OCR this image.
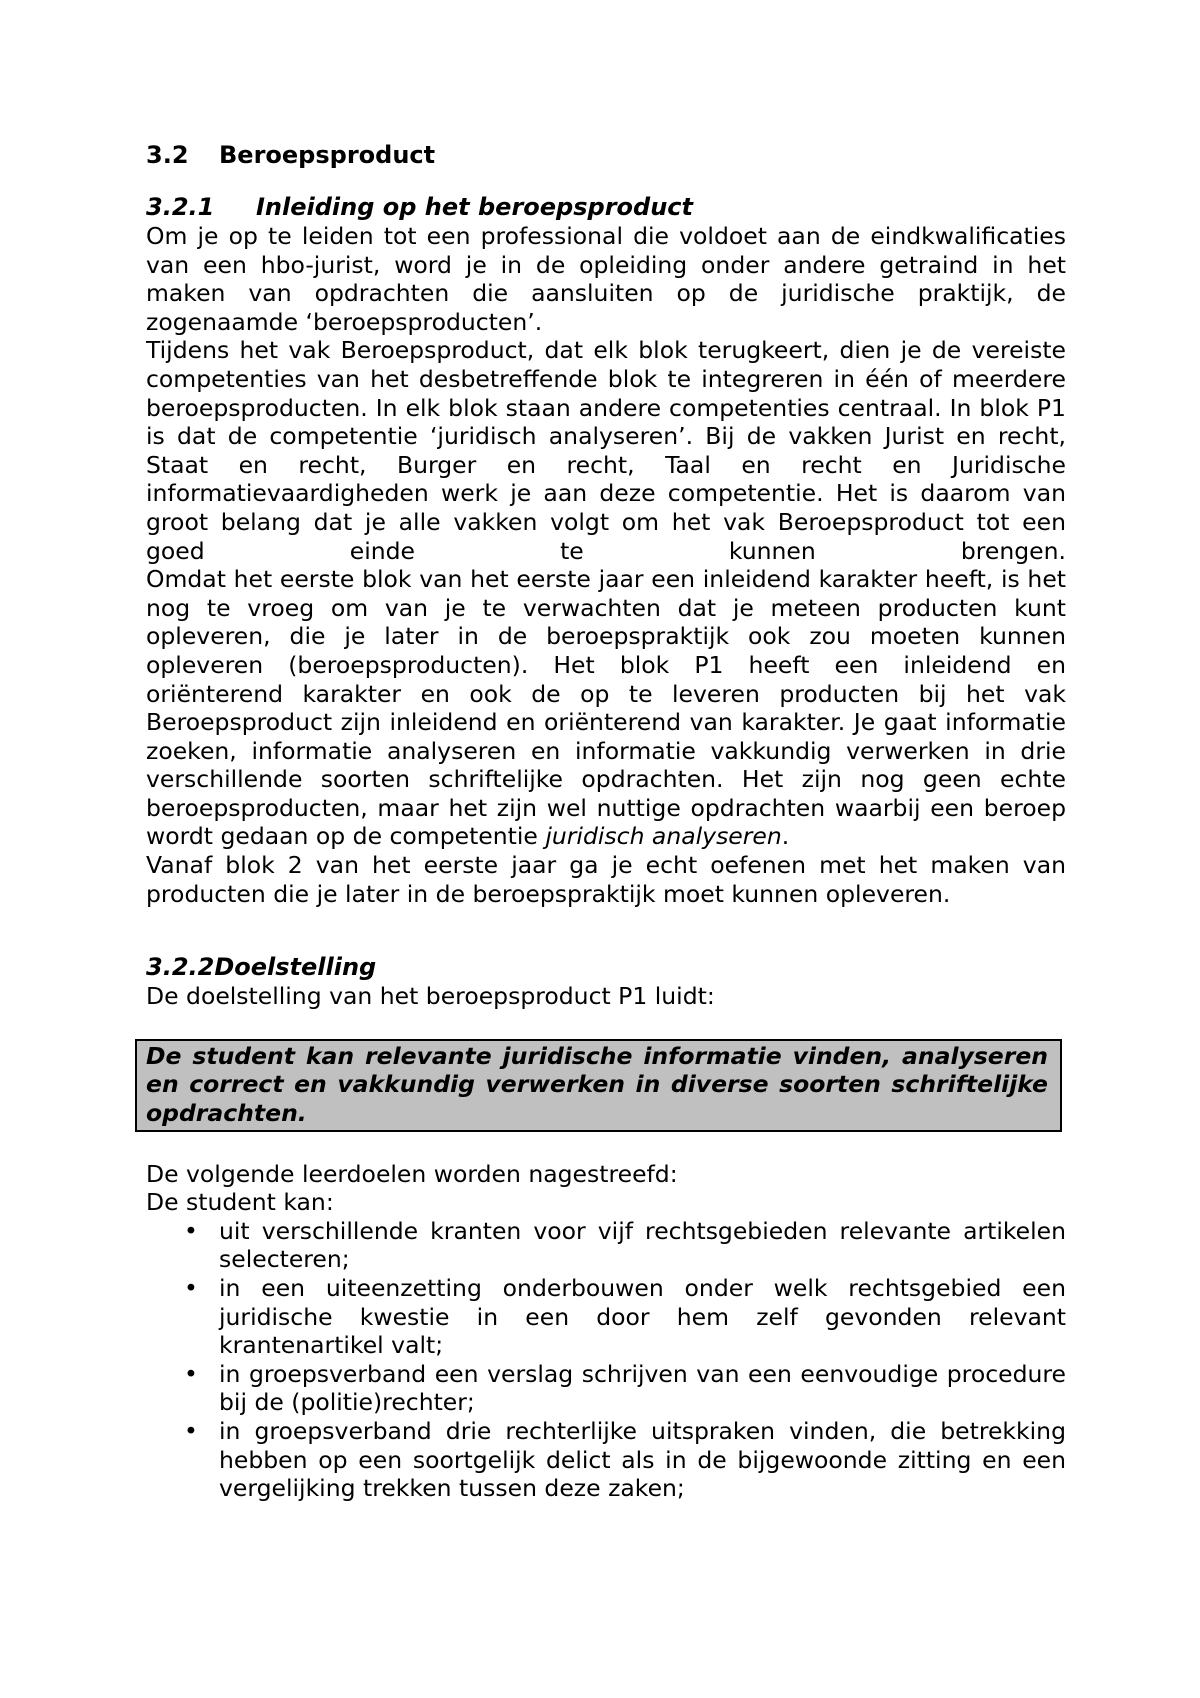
3.2	Beroepsproduct
3.2.1	Inleiding op het beroepsproduct

Om je op te leiden tot een professional die voldoet aan de eindkwalificaties van een hbo-jurist, word je in de opleiding onder andere getraind in het maken van opdrachten die aansluiten op de juridische praktijk, de zogenaamde ‘beroepsproducten’.

Tijdens het vak Beroepsproduct, dat elk blok terugkeert, dien je de vereiste competenties van het desbetreffende blok te integreren in één of meerdere beroepsproducten. In elk blok staan andere competenties centraal. In blok P1 is dat de competentie ‘juridisch analyseren’. Bij de vakken Jurist en recht, Staat en recht, Burger en recht, Taal en recht en Juridische informatievaardigheden werk je aan deze competentie. Het is daarom van groot belang dat je alle vakken volgt om het vak Beroepsproduct tot een goed einde te kunnen brengen.

Omdat het eerste blok van het eerste jaar een inleidend karakter heeft, is het nog te vroeg om van je te verwachten dat je meteen producten kunt opleveren, die je later in de beroepspraktijk ook zou moeten kunnen opleveren (beroepsproducten). Het blok P1 heeft een inleidend en oriënterend karakter en ook de op te leveren producten bij het vak Beroepsproduct zijn inleidend en oriënterend van karakter. Je gaat informatie zoeken, informatie analyseren en informatie vakkundig verwerken in drie verschillende soorten schriftelijke opdrachten. Het zijn nog geen echte beroepsproducten, maar het zijn wel nuttige opdrachten waarbij een beroep wordt gedaan op de competentie juridisch analyseren.

Vanaf blok 2 van het eerste jaar ga je echt oefenen met het maken van producten die je later in de beroepspraktijk moet kunnen opleveren.

3.2.2 Doelstelling

De doelstelling van het beroepsproduct P1 luidt:

De student kan relevante juridische informatie vinden, analyseren en correct en vakkundig verwerken in diverse soorten schriftelijke opdrachten.

De volgende leerdoelen worden nagestreefd:

De student kan:

• uit verschillende kranten voor vijf rechtsgebieden relevante artikelen selecteren;
• in een uiteenzetting onderbouwen onder welk rechtsgebied een juridische kwestie in een door hem zelf gevonden relevant krantenartikel valt;
• in groepsverband een verslag schrijven van een eenvoudige procedure bij de (politie)rechter;
• in groepsverband drie rechterlijke uitspraken vinden, die betrekking hebben op een soortgelijk delict als in de bijgewoonde zitting en een vergelijking trekken tussen deze zaken;
